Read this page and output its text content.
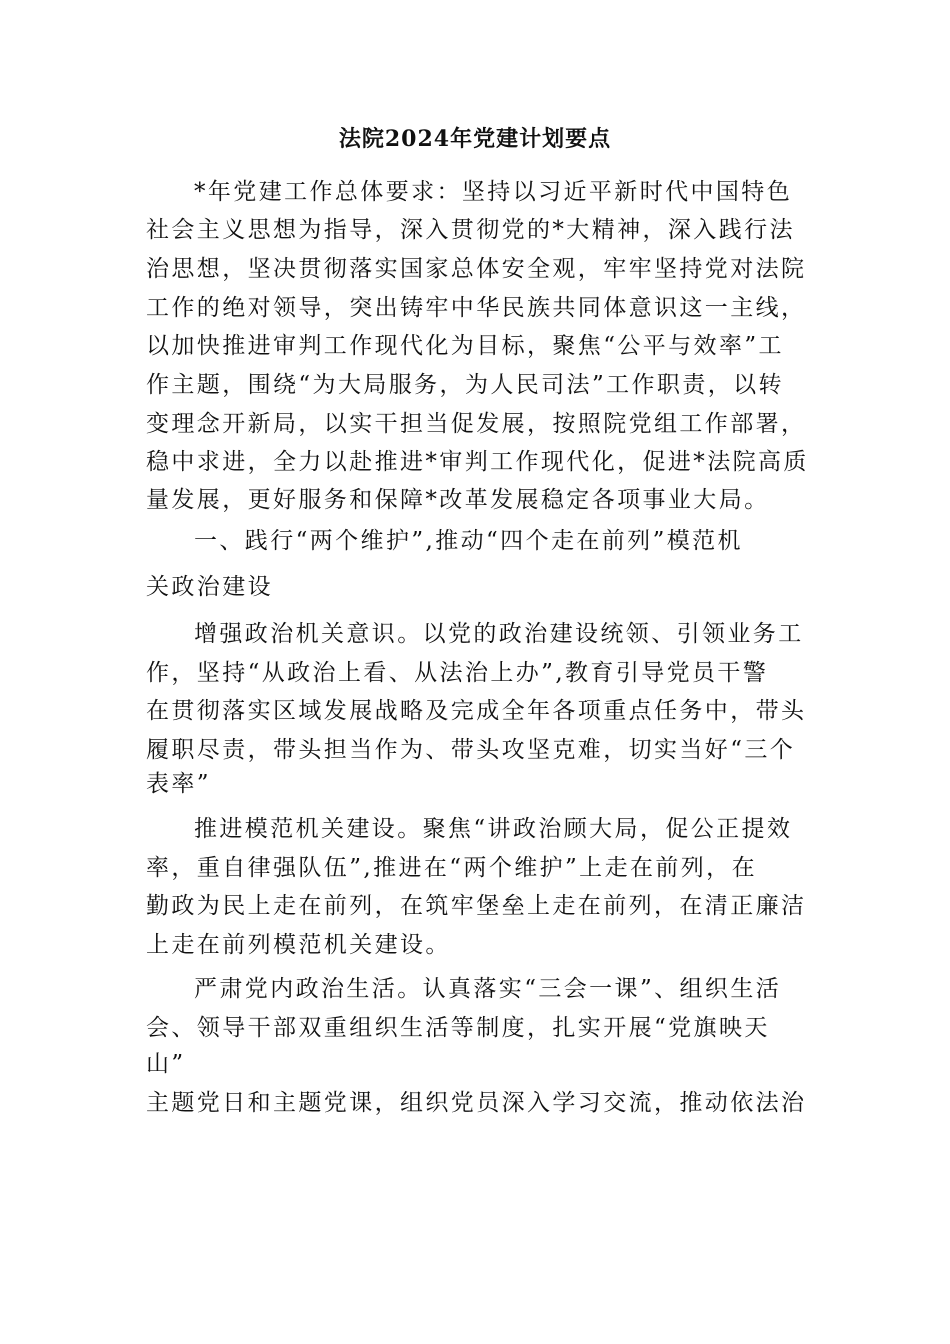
法院2024年党建计划要点
*年党建工作总体要求：坚持以习近平新时代中国特色
社会主义思想为指导，深入贯彻党的*大精神，深入践行法
治思想，坚决贯彻落实国家总体安全观，牢牢坚持党对法院
工作的绝对领导，突出铸牢中华民族共同体意识这一主线，
以加快推进审判工作现代化为目标，聚焦“公平与效率”工
作主题，围绕“为大局服务，为人民司法”工作职责，以转
变理念开新局，以实干担当促发展，按照院党组工作部署，
稳中求进，全力以赴推进*审判工作现代化，促进*法院高质
量发展，更好服务和保障*改革发展稳定各项事业大局。
一、践行“两个维护”,推动“四个走在前列”模范机
关政治建设
增强政治机关意识。以党的政治建设统领、引领业务工
作，坚持“从政治上看、从法治上办”,教育引导党员干警
在贯彻落实区域发展战略及完成全年各项重点任务中，带头
履职尽责，带头担当作为、带头攻坚克难，切实当好“三个
表率”
推进模范机关建设。聚焦“讲政治顾大局，促公正提效
率，重自律强队伍”,推进在“两个维护”上走在前列，在
勤政为民上走在前列，在筑牢堡垒上走在前列，在清正廉洁
上走在前列模范机关建设。
严肃党内政治生活。认真落实“三会一课”、组织生活
会、领导干部双重组织生活等制度，扎实开展“党旗映天
山”
主题党日和主题党课，组织党员深入学习交流，推动依法治
